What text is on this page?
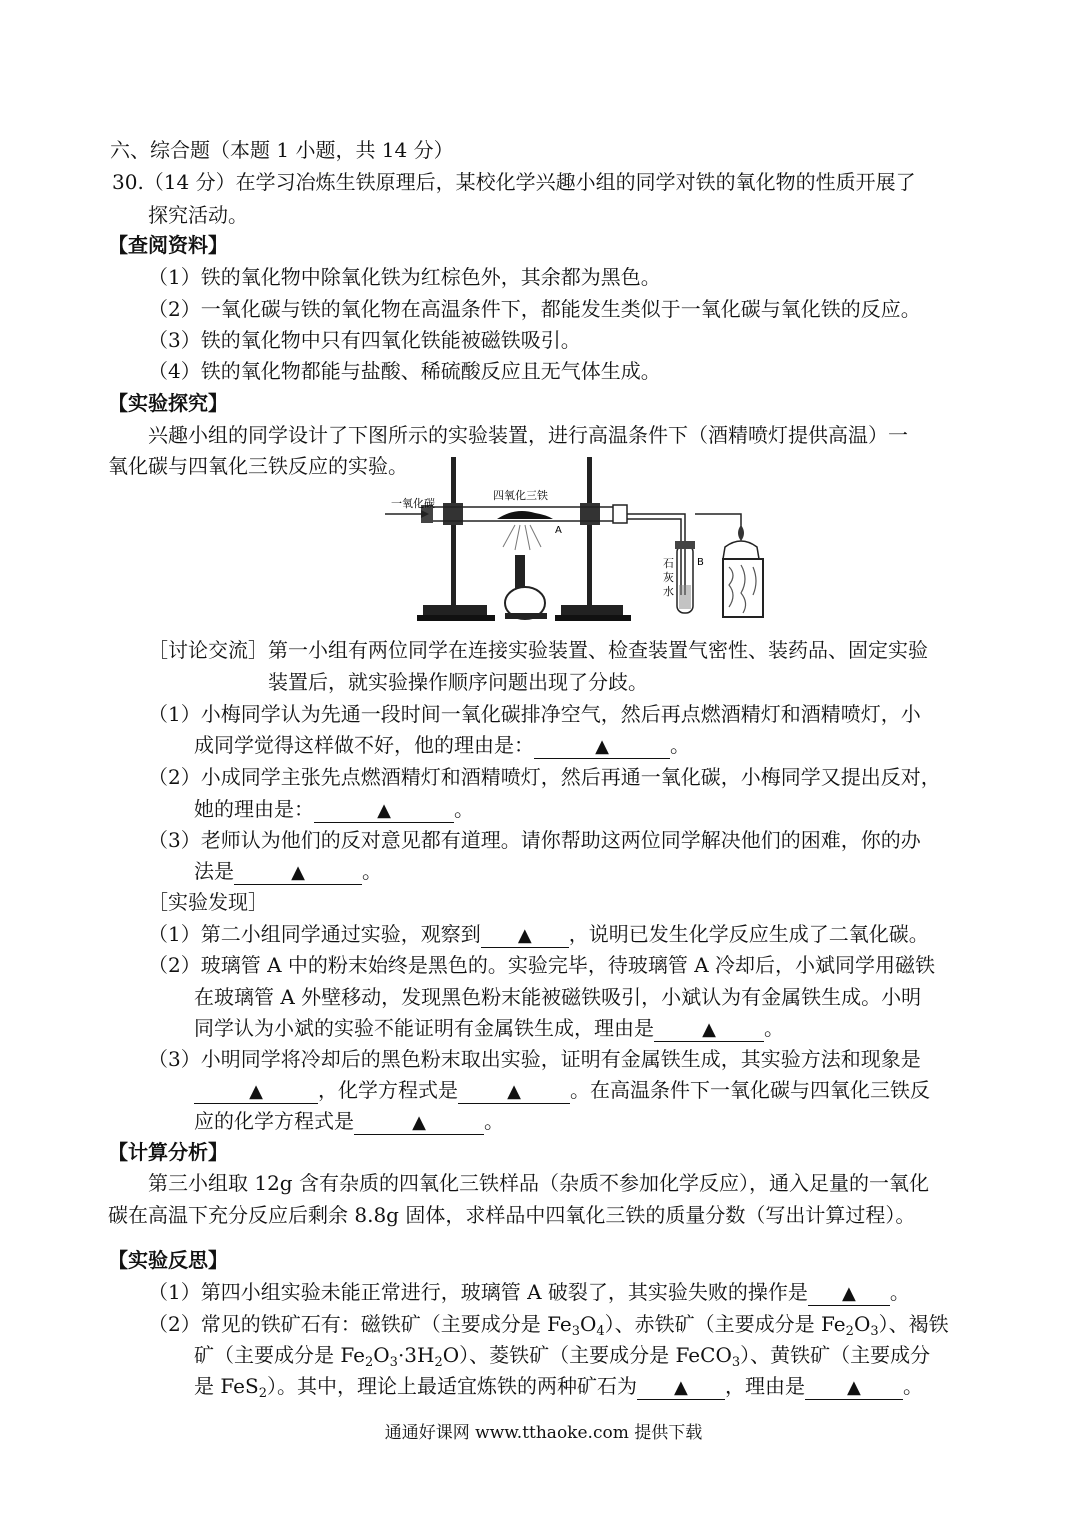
六、综合题（本题 1 小题，共 14 分）
30.（14 分）在学习冶炼生铁原理后，某校化学兴趣小组的同学对铁的氧化物的性质开展了
探究活动。
【查阅资料】
（1）铁的氧化物中除氧化铁为红棕色外，其余都为黑色。
（2）一氧化碳与铁的氧化物在高温条件下，都能发生类似于一氧化碳与氧化铁的反应。
（3）铁的氧化物中只有四氧化铁能被磁铁吸引。
（4）铁的氧化物都能与盐酸、稀硫酸反应且无气体生成。
【实验探究】
兴趣小组的同学设计了下图所示的实验装置，进行高温条件下（酒精喷灯提供高温）一
氧化碳与四氧化三铁反应的实验。
一氧化碳
四氧化三铁
A
B
石
灰
水
［讨论交流］ 第一小组有两位同学在连接实验装置、检查装置气密性、装药品、固定实验
装置后，就实验操作顺序问题出现了分歧。
（1）小梅同学认为先通一段时间一氧化碳排净空气，然后再点燃酒精灯和酒精喷灯，小
成同学觉得这样做不好，他的理由是：	▲	。
（2）小成同学主张先点燃酒精灯和酒精喷灯，然后再通一氧化碳，小梅同学又提出反对，
她的理由是：	▲	。
（3）老师认为他们的反对意见都有道理。请你帮助这两位同学解决他们的困难，你的办
法是	▲	。
［实验发现］
（1）第二小组同学通过实验，观察到 ▲ ，说明已发生化学反应生成了二氧化碳。
（2）玻璃管 A 中的粉末始终是黑色的。实验完毕，待玻璃管 A 冷却后，小斌同学用磁铁
在玻璃管 A 外壁移动，发现黑色粉末能被磁铁吸引，小斌认为有金属铁生成。小明
同学认为小斌的实验不能证明有金属铁生成，理由是	▲ 。
（3）小明同学将冷却后的黑色粉末取出实验，证明有金属铁生成，其实验方法和现象是
▲	，化学方程式是	▲ 。在高温条件下一氧化碳与四氧化三铁反
应的化学方程式是	▲	。
【计算分析】
第三小组取 12g 含有杂质的四氧化三铁样品（杂质不参加化学反应），通入足量的一氧化
碳在高温下充分反应后剩余 8.8g 固体，求样品中四氧化三铁的质量分数（写出计算过程）。
【实验反思】
（1）第四小组实验未能正常进行，玻璃管 A 破裂了，其实验失败的操作是 ▲ 。
（2）常见的铁矿石有：磁铁矿（主要成分是 $Fe_3O_4$）、赤铁矿（主要成分是 $Fe_2O_3$）、褐铁
矿（主要成分是 $Fe_2O_3\cdot 3H_2O$）、菱铁矿（主要成分是 FeCO$_3$）、黄铁矿（主要成分
是 FeS$_2$）。其中，理论上最适宜炼铁的两种矿石为 ▲ ，理由是 ▲ 。
通通好课网 www.tthaoke.com 提供下载
